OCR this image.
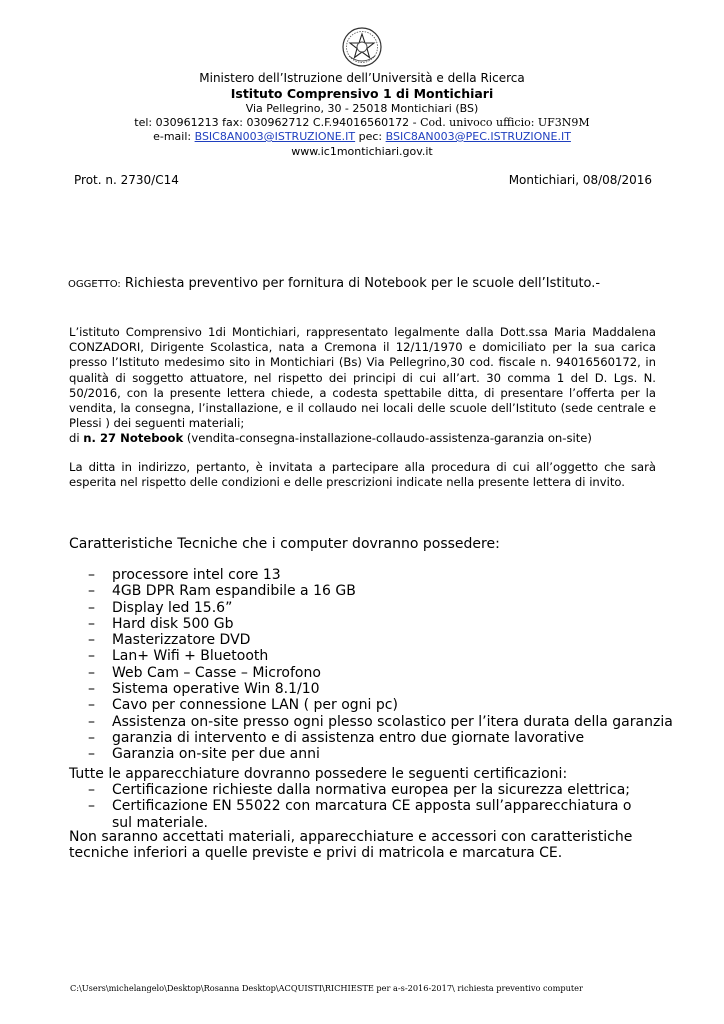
Ministero dell’Istruzione dell’Università e della Ricerca
Istituto Comprensivo 1 di Montichiari
Via Pellegrino, 30 - 25018 Montichiari (BS)
tel: 030961213 fax: 030962712 C.F.94016560172 - Cod. univoco ufficio: UF3N9M
e-mail: BSIC8AN003@ISTRUZIONE.IT pec: BSIC8AN003@PEC.ISTRUZIONE.IT
www.ic1montichiari.gov.it
Prot. n. 2730/C14	Montichiari, 08/08/2016
OGGETTO: Richiesta preventivo per fornitura di Notebook per le scuole dell’Istituto.-
L’istituto Comprensivo 1di Montichiari, rappresentato legalmente dalla Dott.ssa Maria Maddalena CONZADORI, Dirigente Scolastica, nata a Cremona il 12/11/1970 e domiciliato per la sua carica presso l’Istituto medesimo sito in Montichiari (Bs) Via Pellegrino,30 cod. fiscale n. 94016560172, in qualità di soggetto attuatore, nel rispetto dei principi di cui all’art. 30 comma 1 del D. Lgs. N. 50/2016, con la presente lettera chiede, a codesta spettabile ditta, di presentare l’offerta per la vendita, la consegna, l’installazione, e il collaudo nei locali delle scuole dell’Istituto (sede centrale e Plessi ) dei seguenti materiali;
di n. 27 Notebook (vendita-consegna-installazione-collaudo-assistenza-garanzia on-site)
La ditta in indirizzo, pertanto, è invitata a partecipare alla procedura di cui all’oggetto che sarà esperita nel rispetto delle condizioni e delle prescrizioni indicate nella presente lettera di invito.
Caratteristiche Tecniche che i computer dovranno possedere:
– processore intel core 13
– 4GB DPR Ram espandibile a 16 GB
– Display led 15.6”
– Hard disk 500 Gb
– Masterizzatore DVD
– Lan+ Wifi + Bluetooth
– Web Cam – Casse – Microfono
– Sistema operative Win 8.1/10
– Cavo per connessione LAN ( per ogni pc)
– Assistenza on-site presso ogni plesso scolastico per l’itera durata della garanzia
– garanzia di intervento e di assistenza entro due giornate lavorative
– Garanzia on-site per due anni
Tutte le apparecchiature dovranno possedere le seguenti certificazioni:
– Certificazione richieste dalla normativa europea per la sicurezza elettrica;
– Certificazione EN 55022 con marcatura CE apposta sull’apparecchiatura o sul materiale.
Non saranno accettati materiali, apparecchiature e accessori con caratteristiche tecniche inferiori a quelle previste e privi di matricola e marcatura CE.
C:\Users\michelangelo\Desktop\Rosanna Desktop\ACQUISTI\RICHIESTE per a-s-2016-2017\ richiesta preventivo computer
